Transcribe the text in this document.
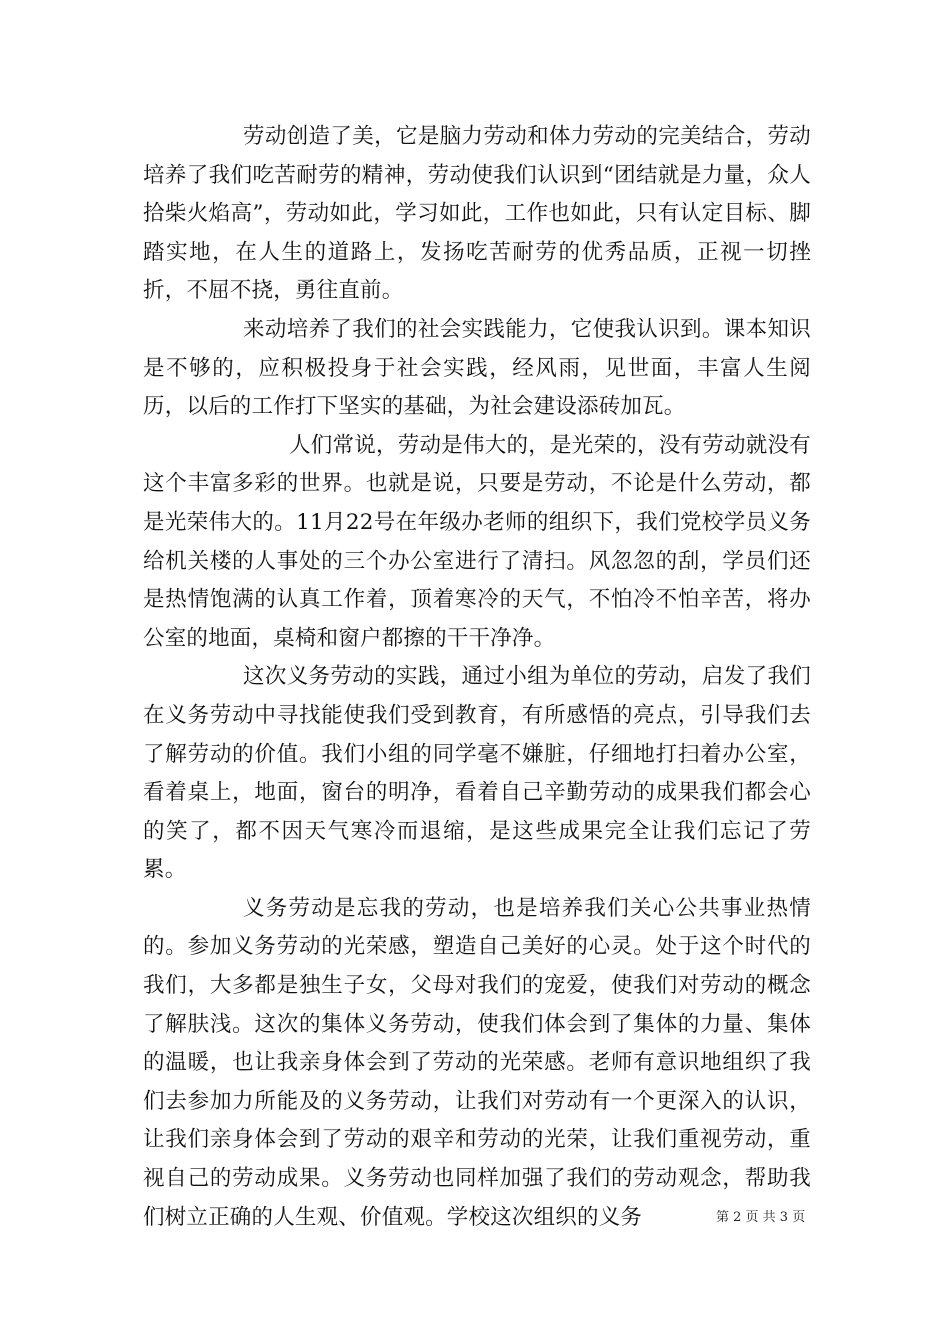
劳动创造了美，它是脑力劳动和体力劳动的完美结合，劳动培养了我们吃苦耐劳的精神，劳动使我们认识到“团结就是力量，众人拾柴火焰高”，劳动如此，学习如此，工作也如此，只有认定目标、脚踏实地，在人生的道路上，发扬吃苦耐劳的优秀品质，正视一切挫折，不屈不挠，勇往直前。

来动培养了我们的社会实践能力，它使我认识到。课本知识是不够的，应积极投身于社会实践，经风雨，见世面，丰富人生阅历，以后的工作打下坚实的基础，为社会建设添砖加瓦。

人们常说，劳动是伟大的，是光荣的，没有劳动就没有这个丰富多彩的世界。也就是说，只要是劳动，不论是什么劳动，都是光荣伟大的。11月22号在年级办老师的组织下，我们党校学员义务给机关楼的人事处的三个办公室进行了清扫。风忽忽的刮，学员们还是热情饱满的认真工作着，顶着寒冷的天气，不怕冷不怕辛苦，将办公室的地面，桌椅和窗户都擦的干干净净。

这次义务劳动的实践，通过小组为单位的劳动，启发了我们在义务劳动中寻找能使我们受到教育，有所感悟的亮点，引导我们去了解劳动的价值。我们小组的同学毫不嫌脏，仔细地打扫着办公室，看着桌上，地面，窗台的明净，看着自己辛勤劳动的成果我们都会心的笑了，都不因天气寒冷而退缩，是这些成果完全让我们忘记了劳累。

义务劳动是忘我的劳动，也是培养我们关心公共事业热情的。参加义务劳动的光荣感，塑造自己美好的心灵。处于这个时代的我们，大多都是独生子女，父母对我们的宠爱，使我们对劳动的概念了解肤浅。这次的集体义务劳动，使我们体会到了集体的力量、集体的温暖，也让我亲身体会到了劳动的光荣感。老师有意识地组织了我们去参加力所能及的义务劳动，让我们对劳动有一个更深入的认识，让我们亲身体会到了劳动的艰辛和劳动的光荣，让我们重视劳动，重视自己的劳动成果。义务劳动也同样加强了我们的劳动观念，帮助我们树立正确的人生观、价值观。学校这次组织的义务	第 2 页 共 3 页
